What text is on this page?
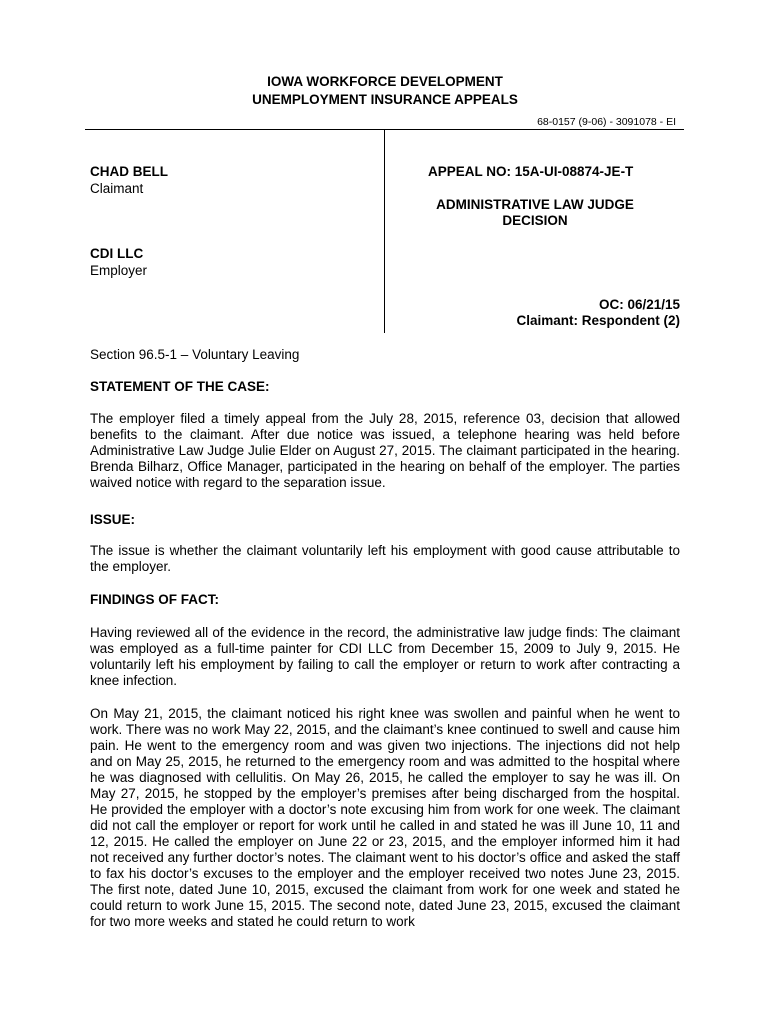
IOWA WORKFORCE DEVELOPMENT
UNEMPLOYMENT INSURANCE APPEALS
68-0157 (9-06) - 3091078 - EI
CHAD BELL
Claimant
CDI LLC
Employer
APPEAL NO: 15A-UI-08874-JE-T
ADMINISTRATIVE LAW JUDGE
DECISION
OC: 06/21/15
Claimant: Respondent (2)
Section 96.5-1 – Voluntary Leaving
STATEMENT OF THE CASE:
The employer filed a timely appeal from the July 28, 2015, reference 03, decision that allowed benefits to the claimant. After due notice was issued, a telephone hearing was held before Administrative Law Judge Julie Elder on August 27, 2015. The claimant participated in the hearing. Brenda Bilharz, Office Manager, participated in the hearing on behalf of the employer. The parties waived notice with regard to the separation issue.
ISSUE:
The issue is whether the claimant voluntarily left his employment with good cause attributable to the employer.
FINDINGS OF FACT:
Having reviewed all of the evidence in the record, the administrative law judge finds: The claimant was employed as a full-time painter for CDI LLC from December 15, 2009 to July 9, 2015. He voluntarily left his employment by failing to call the employer or return to work after contracting a knee infection.
On May 21, 2015, the claimant noticed his right knee was swollen and painful when he went to work. There was no work May 22, 2015, and the claimant’s knee continued to swell and cause him pain. He went to the emergency room and was given two injections. The injections did not help and on May 25, 2015, he returned to the emergency room and was admitted to the hospital where he was diagnosed with cellulitis. On May 26, 2015, he called the employer to say he was ill. On May 27, 2015, he stopped by the employer’s premises after being discharged from the hospital. He provided the employer with a doctor’s note excusing him from work for one week. The claimant did not call the employer or report for work until he called in and stated he was ill June 10, 11 and 12, 2015. He called the employer on June 22 or 23, 2015, and the employer informed him it had not received any further doctor’s notes. The claimant went to his doctor’s office and asked the staff to fax his doctor’s excuses to the employer and the employer received two notes June 23, 2015. The first note, dated June 10, 2015, excused the claimant from work for one week and stated he could return to work June 15, 2015. The second note, dated June 23, 2015, excused the claimant for two more weeks and stated he could return to work
